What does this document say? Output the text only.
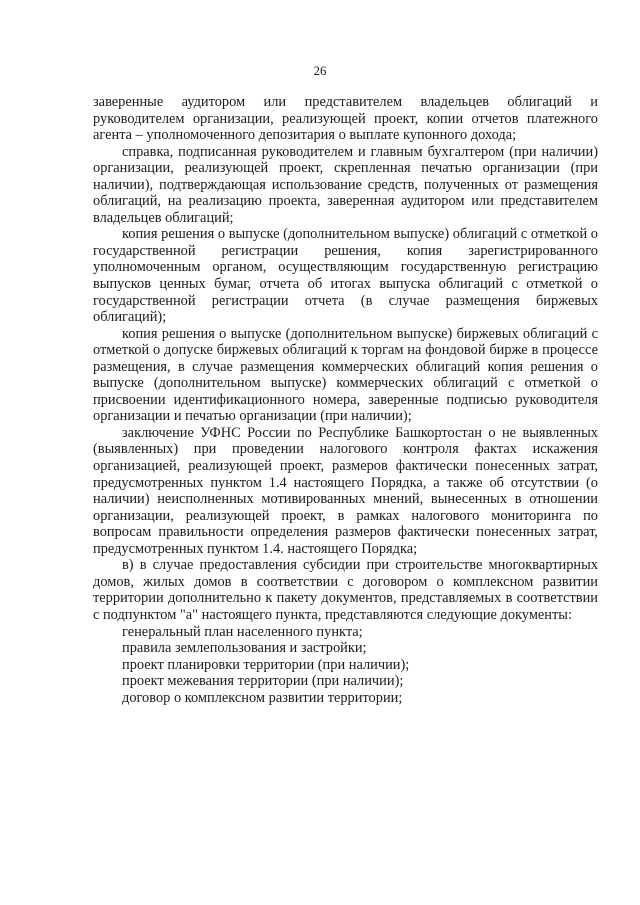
26

заверенные аудитором или представителем владельцев облигаций и руководителем организации, реализующей проект, копии отчетов платежного агента – уполномоченного депозитария о выплате купонного дохода;

справка, подписанная руководителем и главным бухгалтером (при наличии) организации, реализующей проект, скрепленная печатью организации (при наличии), подтверждающая использование средств, полученных от размещения облигаций, на реализацию проекта, заверенная аудитором или представителем владельцев облигаций;

копия решения о выпуске (дополнительном выпуске) облигаций с отметкой о государственной регистрации решения, копия зарегистрированного уполномоченным органом, осуществляющим государственную регистрацию выпусков ценных бумаг, отчета об итогах выпуска облигаций с отметкой о государственной регистрации отчета (в случае размещения биржевых облигаций);

копия решения о выпуске (дополнительном выпуске) биржевых облигаций с отметкой о допуске биржевых облигаций к торгам на фондовой бирже в процессе размещения, в случае размещения коммерческих облигаций копия решения о выпуске (дополнительном выпуске) коммерческих облигаций с отметкой о присвоении идентификационного номера, заверенные подписью руководителя организации и печатью организации (при наличии);

заключение УФНС России по Республике Башкортостан о не выявленных (выявленных) при проведении налогового контроля фактах искажения организацией, реализующей проект, размеров фактически понесенных затрат, предусмотренных пунктом 1.4 настоящего Порядка, а также об отсутствии (о наличии) неисполненных мотивированных мнений, вынесенных в отношении организации, реализующей проект, в рамках налогового мониторинга по вопросам правильности определения размеров фактически понесенных затрат, предусмотренных пунктом 1.4. настоящего Порядка;

в) в случае предоставления субсидии при строительстве многоквартирных домов, жилых домов в соответствии с договором о комплексном развитии территории дополнительно к пакету документов, представляемых в соответствии с подпунктом "а" настоящего пункта, представляются следующие документы:

генеральный план населенного пункта;

правила землепользования и застройки;

проект планировки территории (при наличии);

проект межевания территории (при наличии);

договор о комплексном развитии территории;
